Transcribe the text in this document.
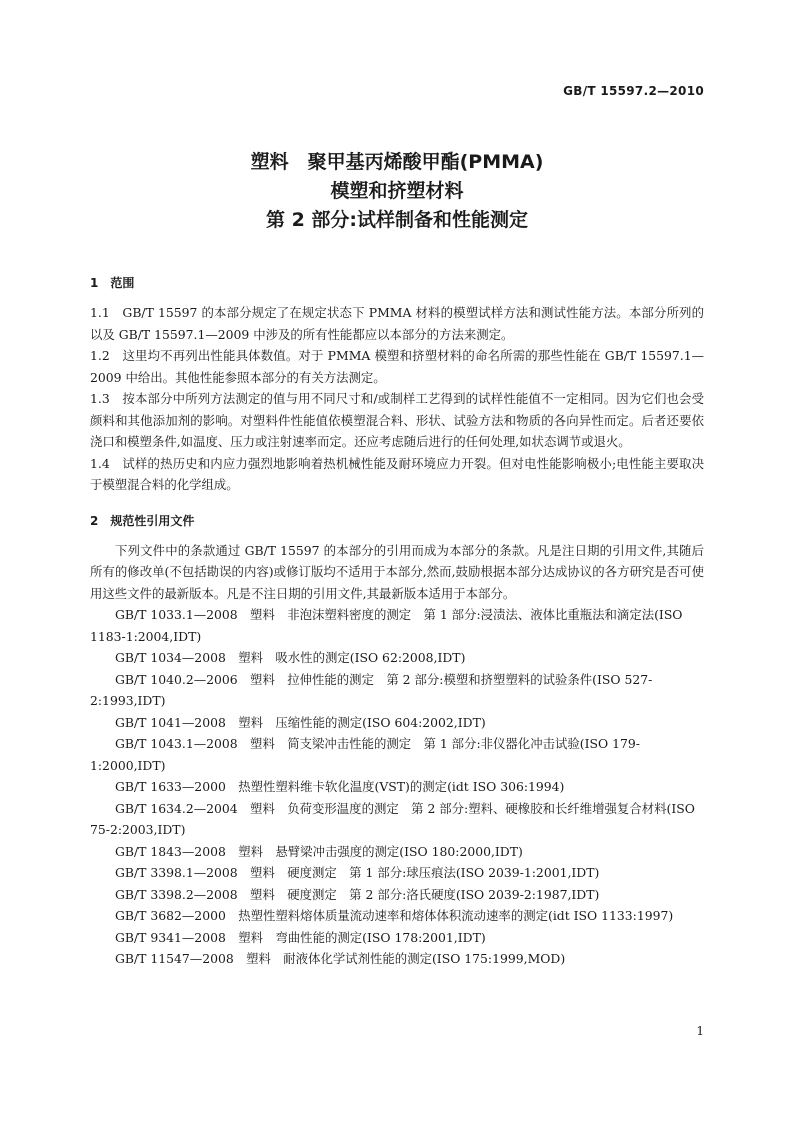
GB/T 15597.2—2010
塑料　聚甲基丙烯酸甲酯(PMMA)
模塑和挤塑材料
第 2 部分:试样制备和性能测定
1　范围
1.1　GB/T 15597 的本部分规定了在规定状态下 PMMA 材料的模塑试样方法和测试性能方法。本部分所列的以及 GB/T 15597.1—2009 中涉及的所有性能都应以本部分的方法来测定。
1.2　这里均不再列出性能具体数值。对于 PMMA 模塑和挤塑材料的命名所需的那些性能在 GB/T 15597.1—2009 中给出。其他性能参照本部分的有关方法测定。
1.3　按本部分中所列方法测定的值与用不同尺寸和/或制样工艺得到的试样性能值不一定相同。因为它们也会受颜料和其他添加剂的影响。对塑料件性能值依模塑混合料、形状、试验方法和物质的各向异性而定。后者还要依浇口和模塑条件,如温度、压力或注射速率而定。还应考虑随后进行的任何处理,如状态调节或退火。
1.4　试样的热历史和内应力强烈地影响着热机械性能及耐环境应力开裂。但对电性能影响极小;电性能主要取决于模塑混合料的化学组成。
2　规范性引用文件
下列文件中的条款通过 GB/T 15597 的本部分的引用而成为本部分的条款。凡是注日期的引用文件,其随后所有的修改单(不包括勘误的内容)或修订版均不适用于本部分,然而,鼓励根据本部分达成协议的各方研究是否可使用这些文件的最新版本。凡是不注日期的引用文件,其最新版本适用于本部分。
GB/T 1033.1—2008　塑料　非泡沫塑料密度的测定　第 1 部分:浸渍法、液体比重瓶法和滴定法(ISO 1183-1:2004,IDT)
GB/T 1034—2008　塑料　吸水性的测定(ISO 62:2008,IDT)
GB/T 1040.2—2006　塑料　拉伸性能的测定　第 2 部分:模塑和挤塑塑料的试验条件(ISO 527-2:1993,IDT)
GB/T 1041—2008　塑料　压缩性能的测定(ISO 604:2002,IDT)
GB/T 1043.1—2008　塑料　简支梁冲击性能的测定　第 1 部分:非仪器化冲击试验(ISO 179-1:2000,IDT)
GB/T 1633—2000　热塑性塑料维卡软化温度(VST)的测定(idt ISO 306:1994)
GB/T 1634.2—2004　塑料　负荷变形温度的测定　第 2 部分:塑料、硬橡胶和长纤维增强复合材料(ISO 75-2:2003,IDT)
GB/T 1843—2008　塑料　悬臂梁冲击强度的测定(ISO 180:2000,IDT)
GB/T 3398.1—2008　塑料　硬度测定　第 1 部分:球压痕法(ISO 2039-1:2001,IDT)
GB/T 3398.2—2008　塑料　硬度测定　第 2 部分:洛氏硬度(ISO 2039-2:1987,IDT)
GB/T 3682—2000　热塑性塑料熔体质量流动速率和熔体体积流动速率的测定(idt ISO 1133:1997)
GB/T 9341—2008　塑料　弯曲性能的测定(ISO 178:2001,IDT)
GB/T 11547—2008　塑料　耐液体化学试剂性能的测定(ISO 175:1999,MOD)
1
